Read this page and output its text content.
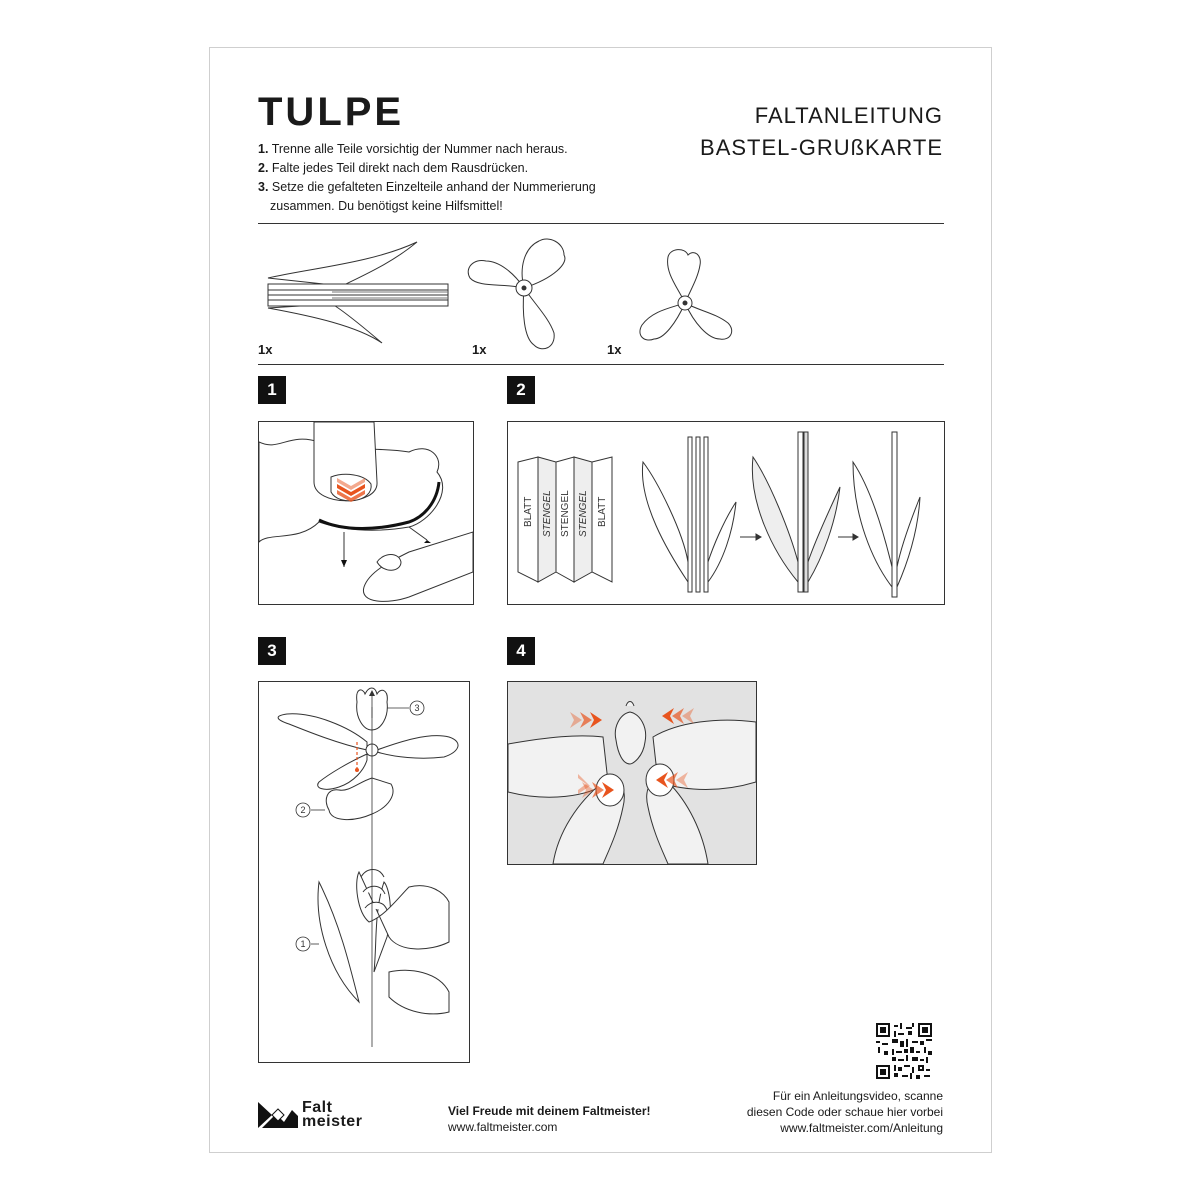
TULPE
1. Trenne alle Teile vorsichtig der Nummer nach heraus.
2. Falte jedes Teil direkt nach dem Rausdrücken.
3. Setze die gefalteten Einzelteile anhand der Nummerierung
zusammen. Du benötigst keine Hilfsmittel!
FALTANLEITUNG
BASTEL-GRUßKARTE
1x	1x	1x
1	2
BLATT STENGEL STENGEL STENGEL BLATT
3
3
2
1
4
Falt
meister
Viel Freude mit deinem Faltmeister!
www.faltmeister.com
Für ein Anleitungsvideo, scanne
diesen Code oder schaue hier vorbei
www.faltmeister.com/Anleitung
